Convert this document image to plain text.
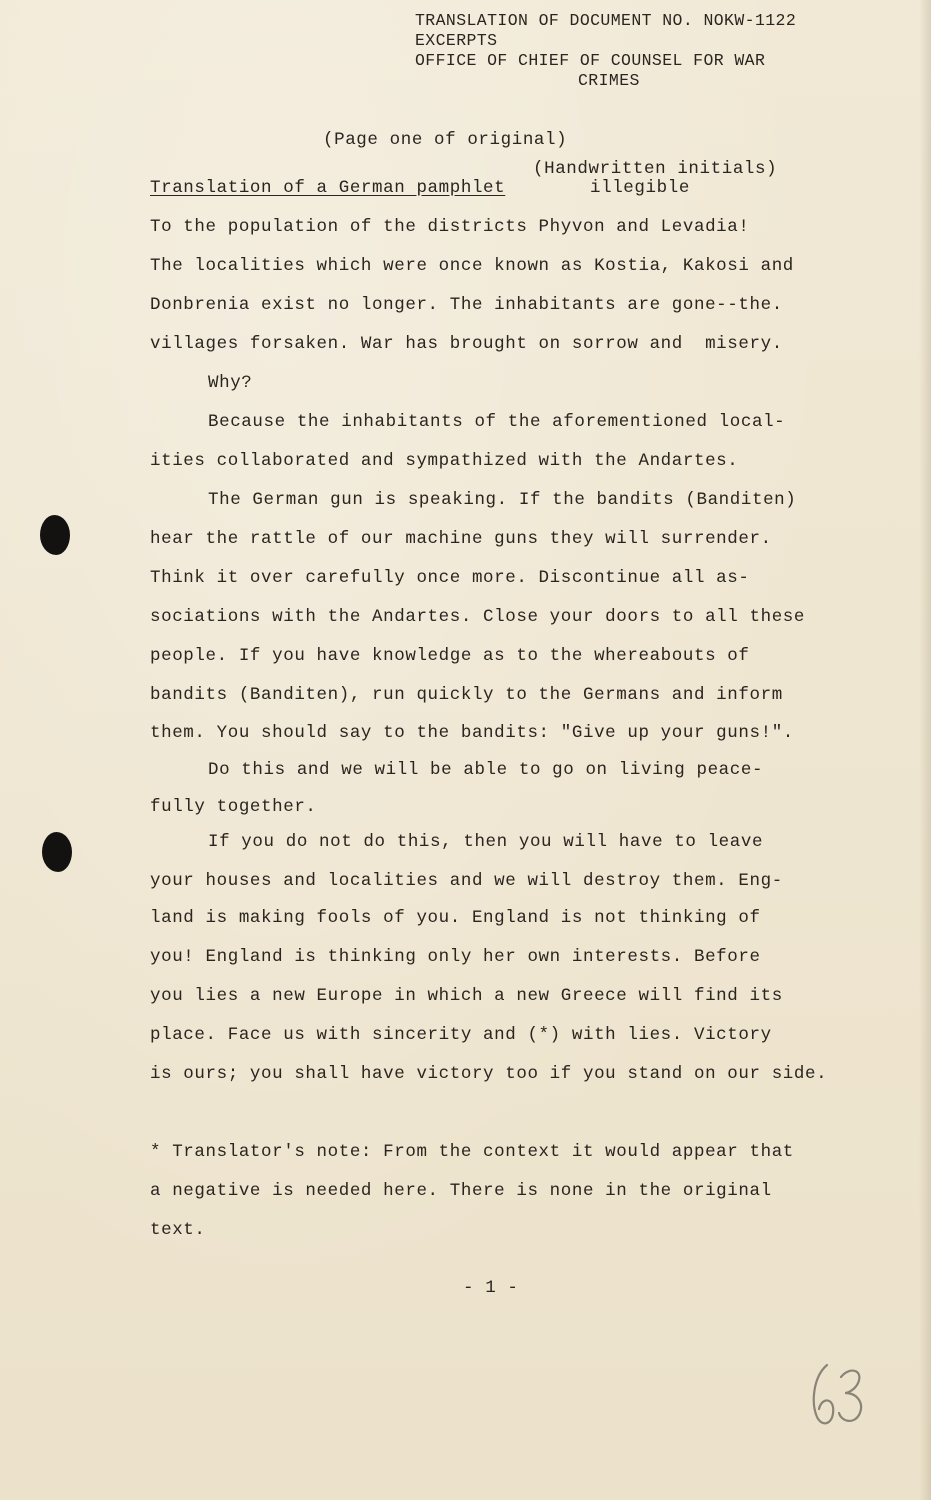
TRANSLATION OF DOCUMENT NO. NOKW-1122
EXCERPTS
OFFICE OF CHIEF OF COUNSEL FOR WAR
CRIMES
(Page one of original)
(Handwritten initials)
Translation of a German pamphlet	illegible
To the population of the districts Phyvon and Levadia!
The localities which were once known as Kostia, Kakosi and
Donbrenia exist no longer. The inhabitants are gone--the.
villages forsaken. War has brought on sorrow and  misery.
Why?
Because the inhabitants of the aforementioned local-
ities collaborated and sympathized with the Andartes.
The German gun is speaking. If the bandits (Banditen)
hear the rattle of our machine guns they will surrender.
Think it over carefully once more. Discontinue all as-
sociations with the Andartes. Close your doors to all these
people. If you have knowledge as to the whereabouts of
bandits (Banditen), run quickly to the Germans and inform
them. You should say to the bandits: "Give up your guns!".
Do this and we will be able to go on living peace-
fully together.
If you do not do this, then you will have to leave
your houses and localities and we will destroy them. Eng-
land is making fools of you. England is not thinking of
you! England is thinking only her own interests. Before
you lies a new Europe in which a new Greece will find its
place. Face us with sincerity and (*) with lies. Victory
is ours; you shall have victory too if you stand on our side.
* Translator's note: From the context it would appear that
a negative is needed here. There is none in the original
text.
- 1 -
